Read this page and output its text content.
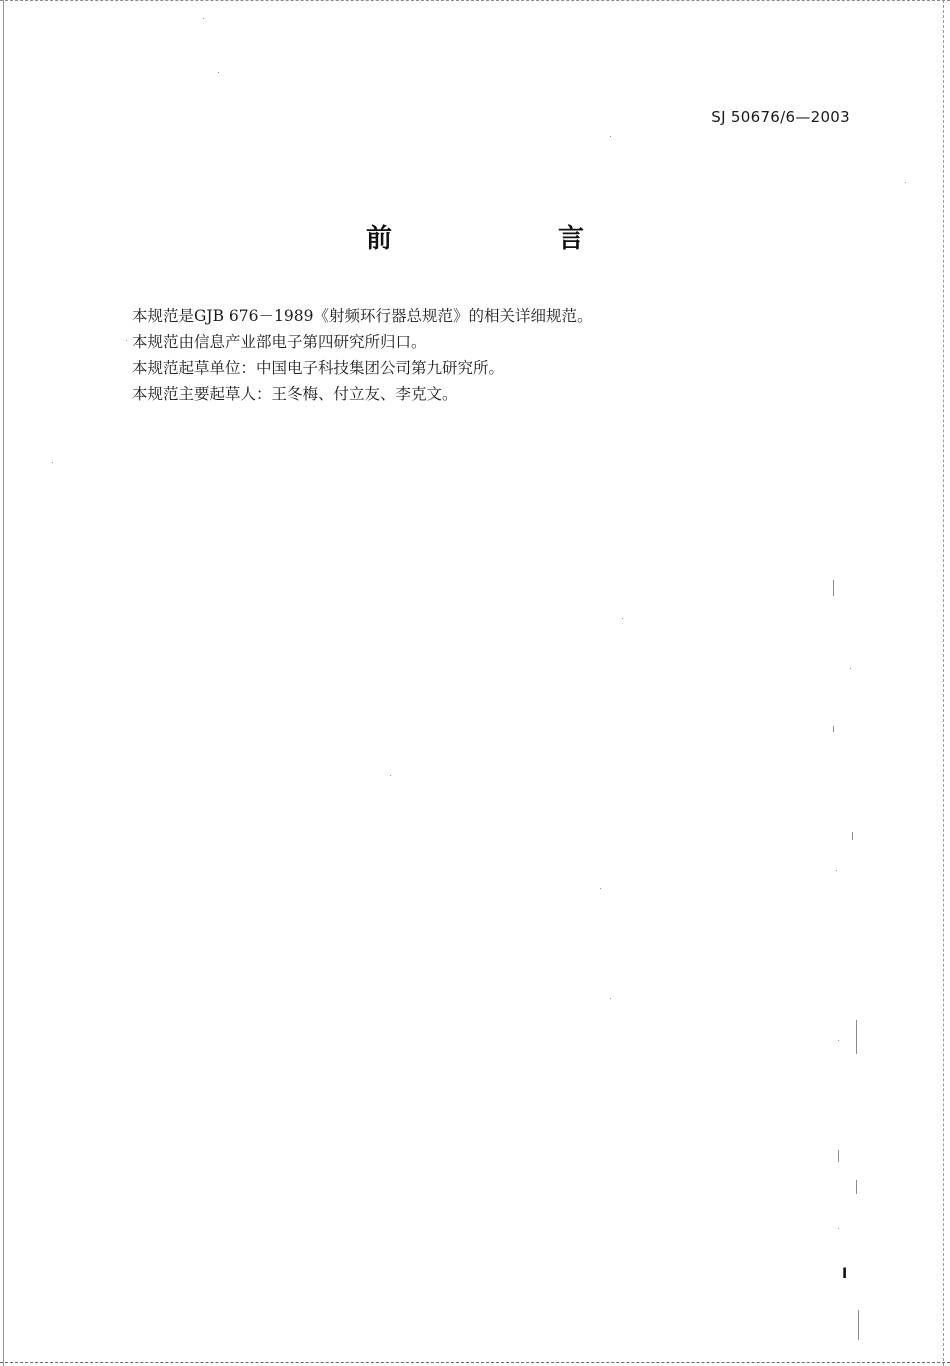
SJ 50676/6—2003
前　言

本规范是GJB 676－1989《射频环行器总规范》的相关详细规范。

本规范由信息产业部电子第四研究所归口。

本规范起草单位：中国电子科技集团公司第九研究所。

本规范主要起草人：王冬梅、付立友、李克文。

I
